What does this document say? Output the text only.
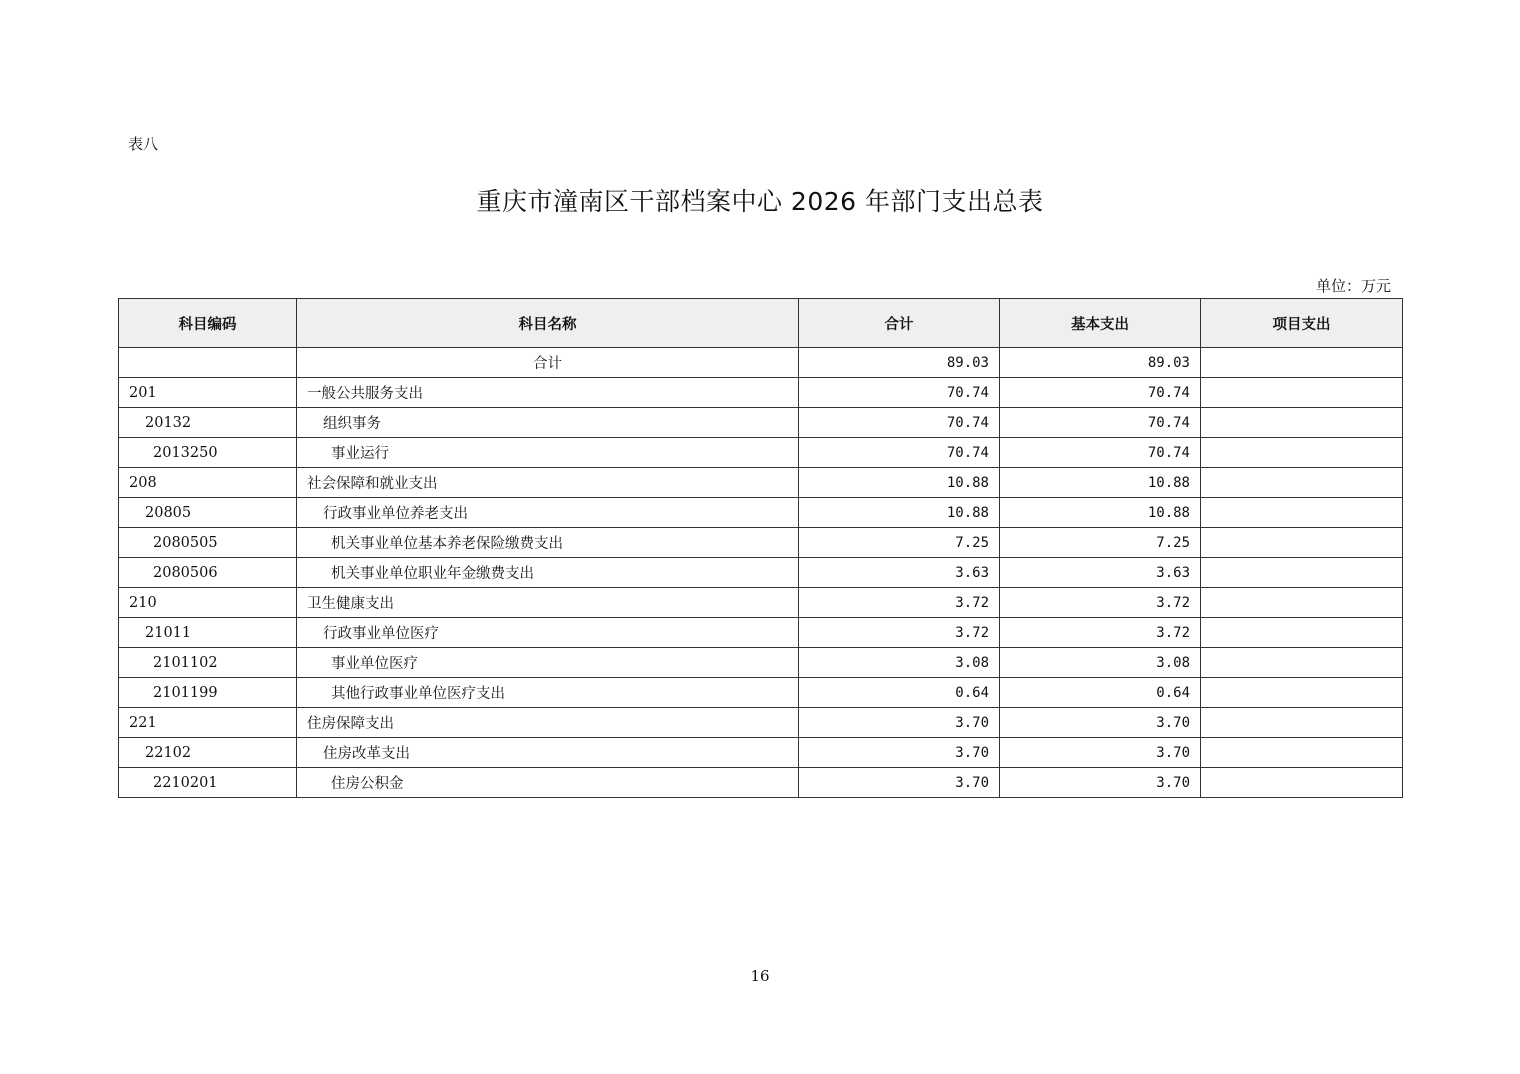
表八
重庆市潼南区干部档案中心 2026 年部门支出总表
单位：万元
科目编码	科目名称	合计	基本支出	项目支出
	合计	89.03	89.03	
201	一般公共服务支出	70.74	70.74	
20132	组织事务	70.74	70.74	
2013250	事业运行	70.74	70.74	
208	社会保障和就业支出	10.88	10.88	
20805	行政事业单位养老支出	10.88	10.88	
2080505	机关事业单位基本养老保险缴费支出	7.25	7.25	
2080506	机关事业单位职业年金缴费支出	3.63	3.63	
210	卫生健康支出	3.72	3.72	
21011	行政事业单位医疗	3.72	3.72	
2101102	事业单位医疗	3.08	3.08	
2101199	其他行政事业单位医疗支出	0.64	0.64	
221	住房保障支出	3.70	3.70	
22102	住房改革支出	3.70	3.70	
2210201	住房公积金	3.70	3.70	
16
